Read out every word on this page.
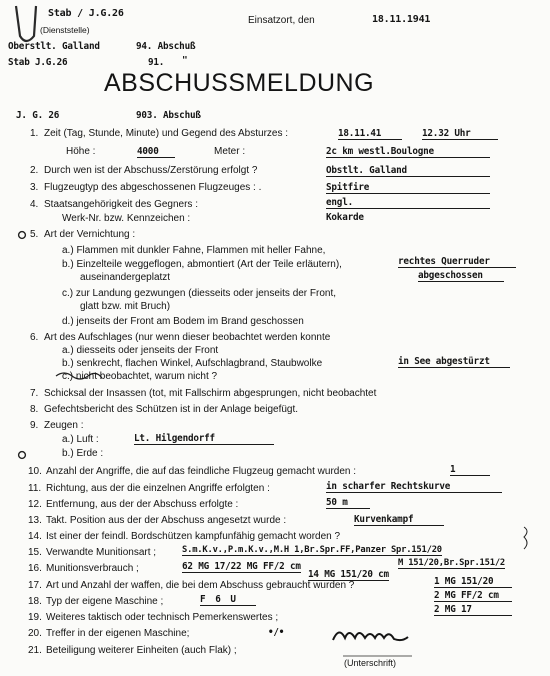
Stab / J.G.26
(Dienststelle)
Einsatzort, den	18.11.1941
Oberstlt. Galland	94. Abschuß
Stab J.G.26	91. "
ABSCHUSSMELDUNG
J. G. 26	903. Abschuß
1. Zeit (Tag, Stunde, Minute) und Gegend des Absturzes :	18.11.41	12.32 Uhr
Höhe :	4000	Meter :	2c km westl.Boulogne
2. Durch wen ist der Abschuss/Zerstörung erfolgt ?	Obstlt. Galland
3. Flugzeugtyp des abgeschossenen Flugzeuges : .	Spitfire
4. Staatsangehörigkeit des Gegners :	engl.
Werk-Nr. bzw. Kennzeichen :	Kokarde
5. Art der Vernichtung :
a.) Flammen mit dunkler Fahne, Flammen mit heller Fahne,
b.) Einzelteile weggeflogen, abmontiert (Art der Teile erläutern),
auseinandergeplatzt
rechtes Querruder
abgeschossen
c.) zur Landung gezwungen (diesseits oder jenseits der Front,
glatt bzw. mit Bruch)
d.) jenseits der Front am Bodem im Brand geschossen
6. Art des Aufschlages (nur wenn dieser beobachtet werden konnte
a.) diesseits oder jenseits der Front
b.) senkrecht, flachen Winkel, Aufschlagbrand, Staubwolke	in See abgestürzt
c.) nicht beobachtet, warum nicht ?
7. Schicksal der Insassen (tot, mit Fallschirm abgesprungen, nicht beobachtet
8. Gefechtsbericht des Schützen ist in der Anlage beigefügt.
9. Zeugen :
a.) Luft :	Lt. Hilgendorff
b.) Erde :
10. Anzahl der Angriffe, die auf das feindliche Flugzeug gemacht wurden :	1
11. Richtung, aus der die einzelnen Angriffe erfolgten :	in scharfer Rechtskurve
12. Entfernung, aus der der Abschuss erfolgte :	50 m
13. Takt. Position aus der der Abschuss angesetzt wurde :	Kurvenkampf
14. Ist einer der feindl. Bordschützen kampfunfähig gemacht worden ?
15. Verwandte Munitionsart ;	S.m.K.v.,P.m.K.v.,M.H 1,Br.Spr.FF,Panzer Spr.151/20
M 151/20,Br.Spr.151/2
16. Munitionsverbrauch ;	62 MG 17/22 MG FF/2 cm
14 MG 151/20 cm
17. Art und Anzahl der waffen, die bei dem Abschuss gebraucht wurden ?	1 MG 151/20
2 MG FF/2 cm
2 MG 17
18. Typ der eigene Maschine ;	F 6 U
19. Weiteres taktisch oder technisch Pemerkenswertes ;
20. Treffer in der eigenen Maschine;	•/•
21. Beteiligung weiterer Einheiten (auch Flak) ;
(Unterschrift)
